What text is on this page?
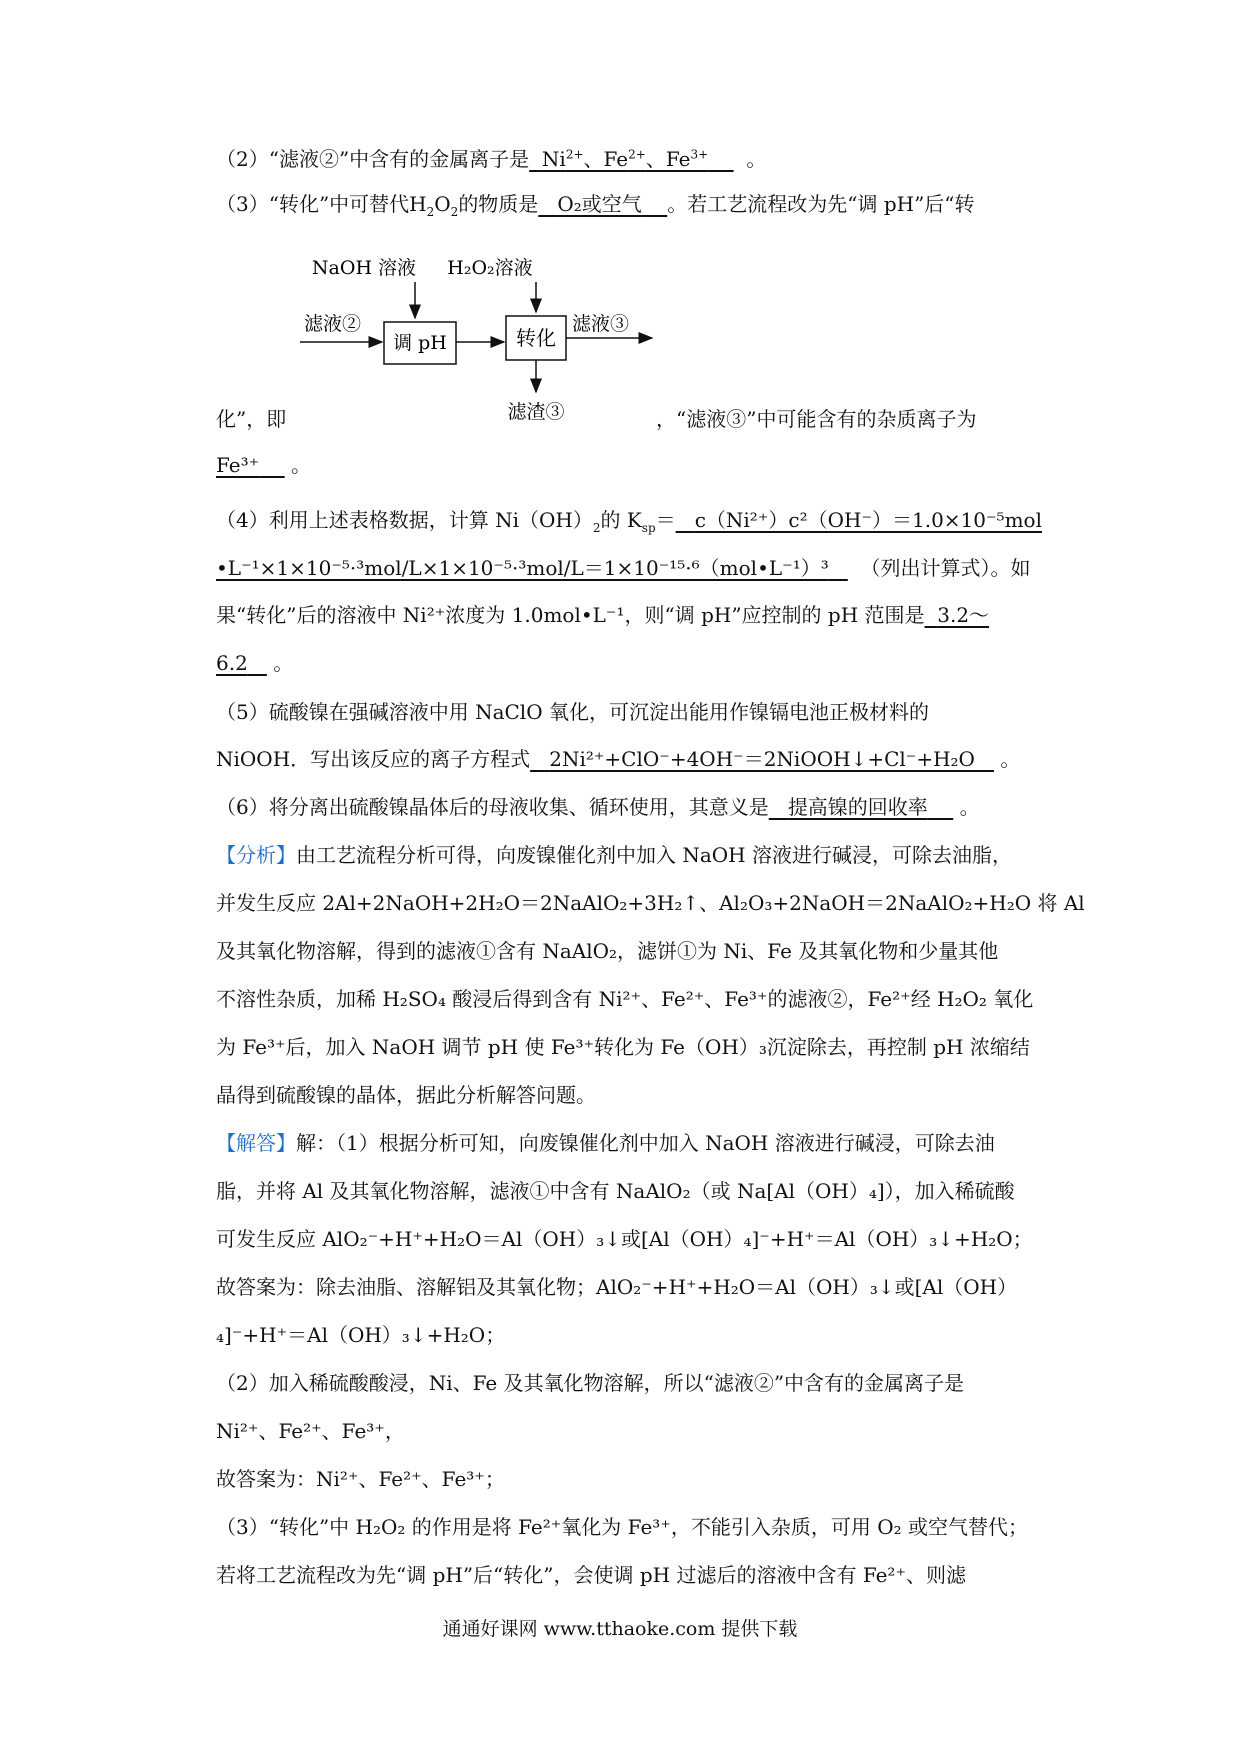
（2）“滤液②”中含有的金属离子是 $Ni^{2+}$、$Fe^{2+}$、$Fe^{3+}$ 。
（3）“转化”中可替代$H_2O_2$的物质是 O₂或空气 。若工艺流程改为先“调 pH”后“转
NaOH 溶液 H₂O₂溶液
滤液②
调 pH	转化
滤液③
滤渣③
化”，即	，“滤液③”中可能含有的杂质离子为
Fe³⁺ 。
（4）利用上述表格数据，计算 $Ni(OH)_2$的 $K_{sp}= c(Ni^{2+})c^2(OH^-)=1.0\times 10^{-5}mol$
•L⁻¹×1×10⁻⁵·³mol/L×1×10⁻⁵·³mol/L＝1×10⁻¹⁵·⁶（mol•L⁻¹）³ （列出计算式）。如
果“转化”后的溶液中 Ni²⁺浓度为 1.0mol•L⁻¹，则“调 pH”应控制的 pH 范围是 3.2～
6.2 。
（5）硫酸镍在强碱溶液中用 NaClO 氧化，可沉淀出能用作镍镉电池正极材料的
NiOOH．写出该反应的离子方程式 2Ni²⁺+ClO⁻+4OH⁻＝2NiOOH↓+Cl⁻+H₂O 。
（6）将分离出硫酸镍晶体后的母液收集、循环使用，其意义是 提高镍的回收率 。
【分析】由工艺流程分析可得，向废镍催化剂中加入 NaOH 溶液进行碱浸，可除去油脂，
并发生反应 2Al+2NaOH+2H₂O＝2NaAlO₂+3H₂↑、Al₂O₃+2NaOH＝2NaAlO₂+H₂O 将 Al
及其氧化物溶解，得到的滤液①含有 NaAlO₂，滤饼①为 Ni、Fe 及其氧化物和少量其他
不溶性杂质，加稀 H₂SO₄ 酸浸后得到含有 Ni²⁺、Fe²⁺、Fe³⁺的滤液②，Fe²⁺经 H₂O₂ 氧化
为 Fe³⁺后，加入 NaOH 调节 pH 使 Fe³⁺转化为 Fe（OH）₃沉淀除去，再控制 pH 浓缩结
晶得到硫酸镍的晶体，据此分析解答问题。
【解答】解：（1）根据分析可知，向废镍催化剂中加入 NaOH 溶液进行碱浸，可除去油
脂，并将 Al 及其氧化物溶解，滤液①中含有 NaAlO₂（或 Na[Al（OH）₄]），加入稀硫酸
可发生反应 AlO₂⁻+H⁺+H₂O＝Al（OH）₃↓或[Al（OH）₄]⁻+H⁺＝Al（OH）₃↓+H₂O；
故答案为：除去油脂、溶解铝及其氧化物；AlO₂⁻+H⁺+H₂O＝Al（OH）₃↓或[Al（OH）
₄]⁻+H⁺＝Al（OH）₃↓+H₂O；
（2）加入稀硫酸酸浸，Ni、Fe 及其氧化物溶解，所以“滤液②”中含有的金属离子是
Ni²⁺、Fe²⁺、Fe³⁺，
故答案为：Ni²⁺、Fe²⁺、Fe³⁺；
（3）“转化”中 H₂O₂ 的作用是将 Fe²⁺氧化为 Fe³⁺，不能引入杂质，可用 O₂ 或空气替代；
若将工艺流程改为先“调 pH”后“转化”，会使调 pH 过滤后的溶液中含有 Fe²⁺、则滤
通通好课网 www.tthaoke.com 提供下载
